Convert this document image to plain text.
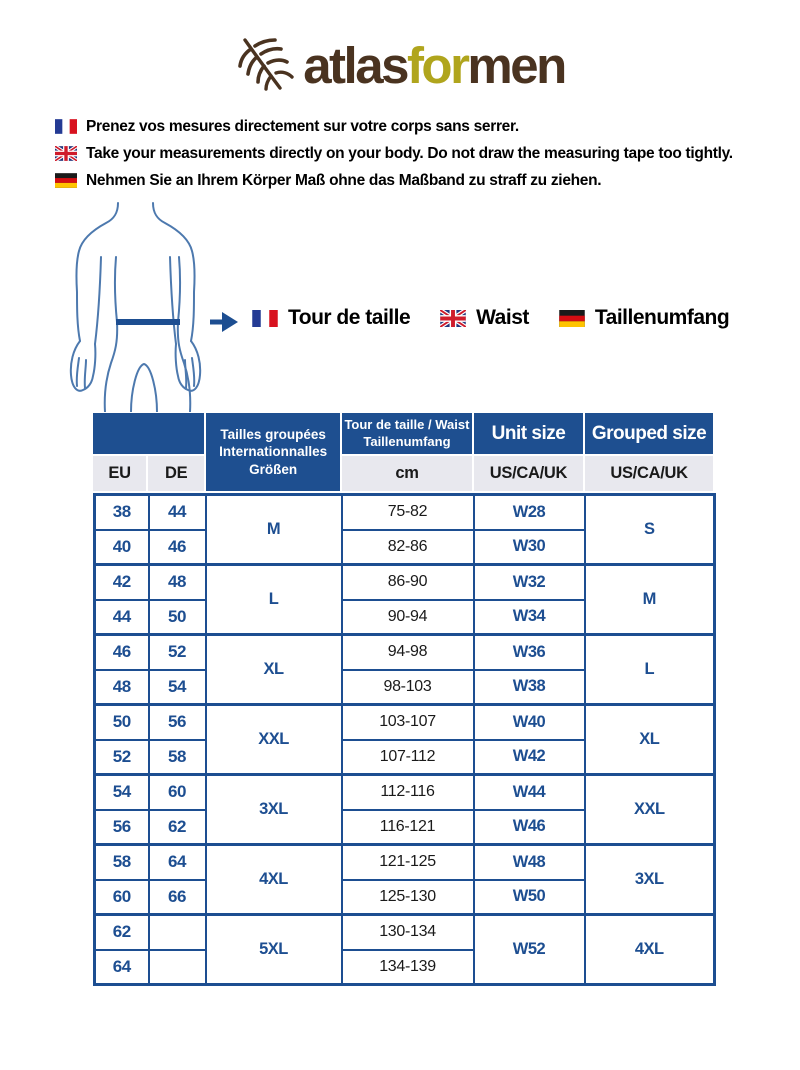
atlasformen
Prenez vos mesures directement sur votre corps sans serrer.
Take your measurements directly on your body. Do not draw the measuring tape too tightly.
Nehmen Sie an Ihrem Körper Maß ohne das Maßband zu straff zu ziehen.
Tour de taille	Waist	Taillenumfang
Tailles groupées
Internationnalles
Größen
Tour de taille / Waist
Taillenumfang	Unit size	Grouped size
EU	DE	cm	US/CA/UK	US/CA/UK
38	44	M	75-82	W28	S
40	46		82-86	W30	
42	48	L	86-90	W32	M
44	50		90-94	W34	
46	52	XL	94-98	W36	L
48	54		98-103	W38	
50	56	XXL	103-107	W40	XL
52	58		107-112	W42	
54	60	3XL	112-116	W44	XXL
56	62		116-121	W46	
58	64	4XL	121-125	W48	3XL
60	66		125-130	W50	
62		5XL	130-134	W52	4XL
64			134-139		
